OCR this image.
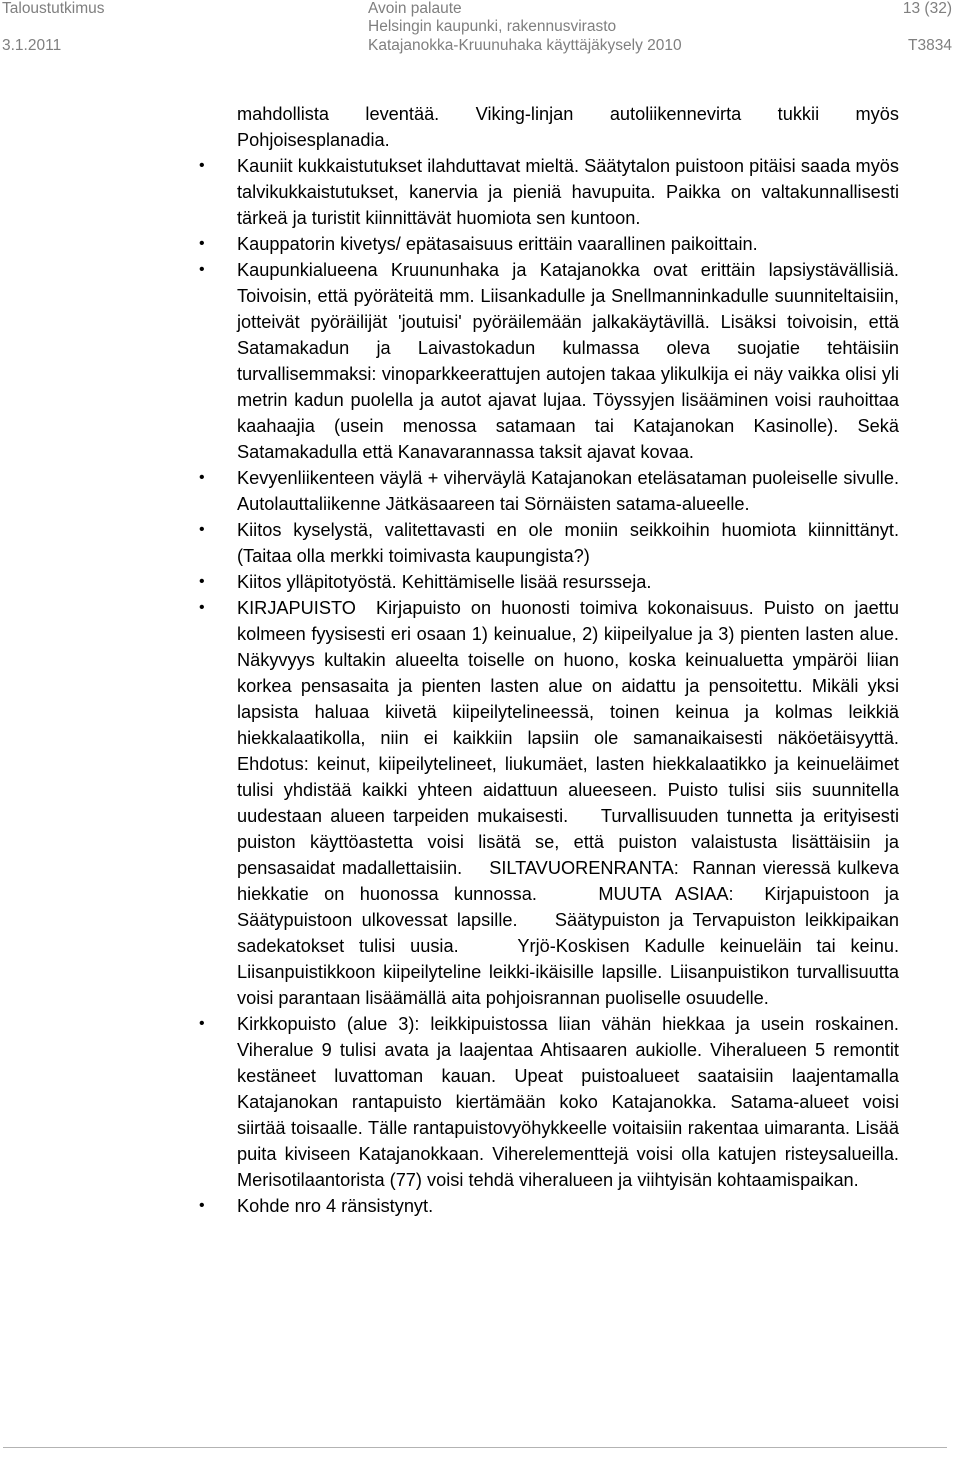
Taloustutkimus	Avoin palaute	13 (32)
Helsingin kaupunki, rakennusvirasto
3.1.2011	Katajanokka-Kruunuhaka käyttäjäkysely 2010	T3834

mahdollista leventää. Viking-linjan autoliikennevirta tukkii myös Pohjoisesplanadia.

• Kauniit kukkaistutukset ilahduttavat mieltä. Säätytalon puistoon pitäisi saada myös talvikukkaistutukset, kanervia ja pieniä havupuita. Paikka on valtakunnallisesti tärkeä ja turistit kiinnittävät huomiota sen kuntoon.
• Kauppatorin kivetys/ epätasaisuus erittäin vaarallinen paikoittain.
• Kaupunkialueena Kruununhaka ja Katajanokka ovat erittäin lapsiystävällisiä. Toivoisin, että pyöräteitä mm. Liisankadulle ja Snellmanninkadulle suunniteltaisiin, jotteivät pyöräilijät 'joutuisi' pyöräilemään jalkakäytävillä. Lisäksi toivoisin, että Satamakadun ja Laivastokadun kulmassa oleva suojatie tehtäisiin turvallisemmaksi: vinoparkkeerattujen autojen takaa ylikulkija ei näy vaikka olisi yli metrin kadun puolella ja autot ajavat lujaa. Töyssyjen lisääminen voisi rauhoittaa kaahaajia (usein menossa satamaan tai Katajanokan Kasinolle). Sekä Satamakadulla että Kanavarannassa taksit ajavat kovaa.
• Kevyenliikenteen väylä + viherväylä Katajanokan eteläsataman puoleiselle sivulle. Autolauttaliikenne Jätkäsaareen tai Sörnäisten satama-alueelle.
• Kiitos kyselystä, valitettavasti en ole moniin seikkoihin huomiota kiinnittänyt. (Taitaa olla merkki toimivasta kaupungista?)
• Kiitos ylläpitotyöstä. Kehittämiselle lisää resursseja.
• KIRJAPUISTO  Kirjapuisto on huonosti toimiva kokonaisuus. Puisto on jaettu kolmeen fyysisesti eri osaan 1) keinualue, 2) kiipeilyalue ja 3) pienten lasten alue. Näkyvyys kultakin alueelta toiselle on huono, koska keinualuetta ympäröi liian korkea pensasaita ja pienten lasten alue on aidattu ja pensoitettu. Mikäli yksi lapsista haluaa kiivetä kiipeilytelineessä, toinen keinua ja kolmas leikkiä hiekkalaatikolla, niin ei kaikkiin lapsiin ole samanaikaisesti näköetäisyyttä.    Ehdotus: keinut, kiipeilytelineet, liukumäet, lasten hiekkalaatikko ja keinueläimet tulisi yhdistää kaikki yhteen aidattuun alueeseen. Puisto tulisi siis suunnitella uudestaan alueen tarpeiden mukaisesti.    Turvallisuuden tunnetta ja erityisesti puiston käyttöastetta voisi lisätä se, että puiston valaistusta lisättäisiin ja pensasaidat madallettaisiin.    SILTAVUORENRANTA:  Rannan vieressä kulkeva hiekkatie on huonossa kunnossa.    MUUTA ASIAA:  Kirjapuistoon ja Säätypuistoon ulkovessat lapsille.    Säätypuiston ja Tervapuiston leikkipaikan sadekatokset tulisi uusia.    Yrjö-Koskisen Kadulle keinueläin tai keinu.    Liisanpuistikkoon kiipeilyteline leikki-ikäisille lapsille. Liisanpuistikon turvallisuutta voisi parantaan lisäämällä aita pohjoisrannan puoliselle osuudelle.
• Kirkkopuisto (alue 3): leikkipuistossa liian vähän hiekkaa ja usein roskainen. Viheralue 9 tulisi avata ja laajentaa Ahtisaaren aukiolle. Viheralueen 5 remontit kestäneet luvattoman kauan. Upeat puistoalueet saataisiin laajentamalla Katajanokan rantapuisto kiertämään koko Katajanokka. Satama-alueet voisi siirtää toisaalle. Tälle rantapuistovyöhykkeelle voitaisiin rakentaa uimaranta. Lisää puita kiviseen Katajanokkaan. Viherelementtejä voisi olla katujen risteysalueilla. Merisotilaantorista (77) voisi tehdä viheralueen ja viihtyisän kohtaamispaikan.
• Kohde nro 4 ränsistynyt.
